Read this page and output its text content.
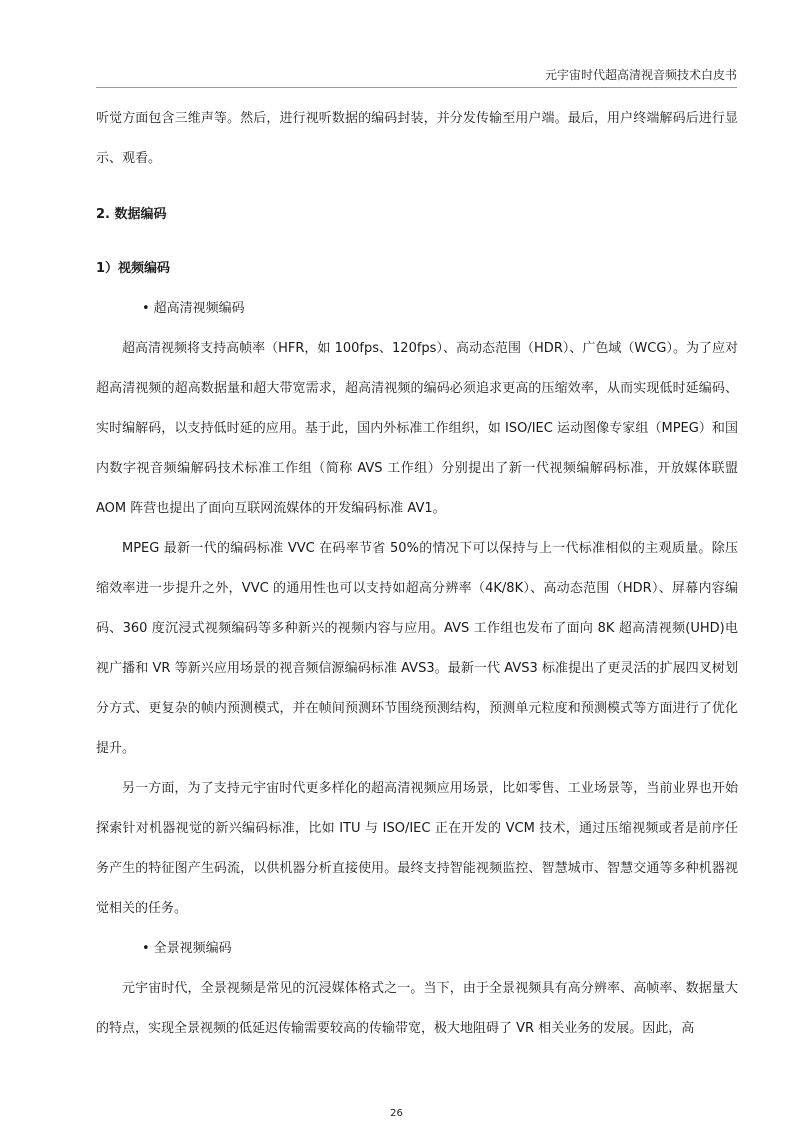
元宇宙时代超高清视音频技术白皮书

听觉方面包含三维声等。然后，进行视听数据的编码封装，并分发传输至用户端。最后，用户终端解码后进行显示、观看。

2. 数据编码

1）视频编码

• 超高清视频编码

超高清视频将支持高帧率（HFR，如 100fps、120fps）、高动态范围（HDR）、广色域（WCG）。为了应对超高清视频的超高数据量和超大带宽需求，超高清视频的编码必须追求更高的压缩效率，从而实现低时延编码、实时编解码，以支持低时延的应用。基于此，国内外标准工作组织，如 ISO/IEC 运动图像专家组（MPEG）和国内数字视音频编解码技术标准工作组（简称 AVS 工作组）分别提出了新一代视频编解码标准，开放媒体联盟 AOM 阵营也提出了面向互联网流媒体的开发编码标准 AV1。

MPEG 最新一代的编码标准 VVC 在码率节省 50%的情况下可以保持与上一代标准相似的主观质量。除压缩效率进一步提升之外，VVC 的通用性也可以支持如超高分辨率（4K/8K）、高动态范围（HDR）、屏幕内容编码、360 度沉浸式视频编码等多种新兴的视频内容与应用。AVS 工作组也发布了面向 8K 超高清视频(UHD)电视广播和 VR 等新兴应用场景的视音频信源编码标准 AVS3。最新一代 AVS3 标准提出了更灵活的扩展四叉树划分方式、更复杂的帧内预测模式，并在帧间预测环节围绕预测结构，预测单元粒度和预测模式等方面进行了优化提升。

另一方面，为了支持元宇宙时代更多样化的超高清视频应用场景，比如零售、工业场景等，当前业界也开始探索针对机器视觉的新兴编码标准，比如 ITU 与 ISO/IEC 正在开发的 VCM 技术，通过压缩视频或者是前序任务产生的特征图产生码流，以供机器分析直接使用。最终支持智能视频监控、智慧城市、智慧交通等多种机器视觉相关的任务。

• 全景视频编码

元宇宙时代，全景视频是常见的沉浸媒体格式之一。当下，由于全景视频具有高分辨率、高帧率、数据量大的特点，实现全景视频的低延迟传输需要较高的传输带宽，极大地阻碍了 VR 相关业务的发展。因此，高

26
